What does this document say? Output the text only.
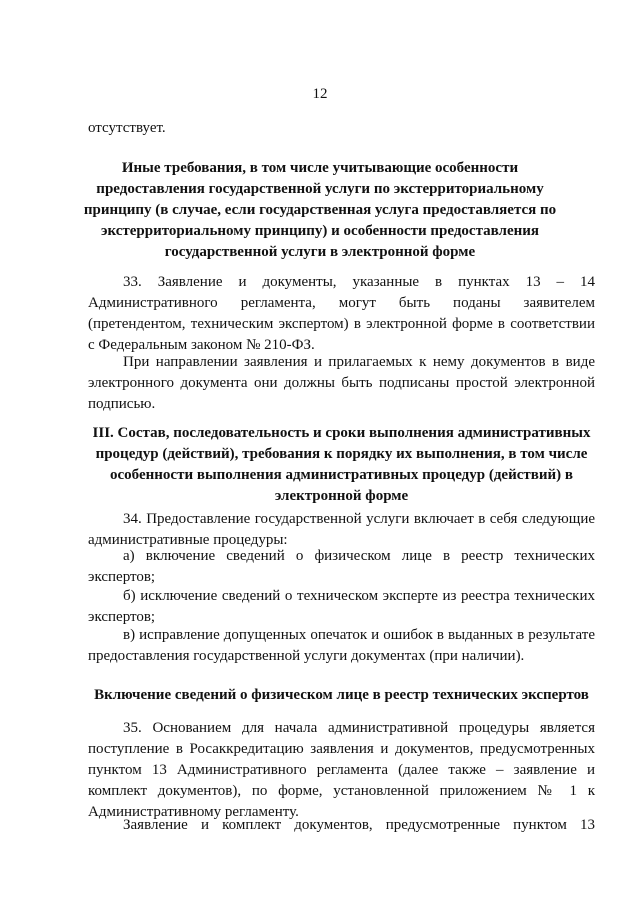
12
отсутствует.
Иные требования, в том числе учитывающие особенности предоставления государственной услуги по экстерриториальному принципу (в случае, если государственная услуга предоставляется по экстерриториальному принципу) и особенности предоставления государственной услуги в электронной форме
33. Заявление и документы, указанные в пунктах 13 – 14 Административного регламента, могут быть поданы заявителем (претендентом, техническим экспертом) в электронной форме в соответствии с Федеральным законом № 210-ФЗ.
При направлении заявления и прилагаемых к нему документов в виде электронного документа они должны быть подписаны простой электронной подписью.
III. Состав, последовательность и сроки выполнения административных процедур (действий), требования к порядку их выполнения, в том числе особенности выполнения административных процедур (действий) в электронной форме
34. Предоставление государственной услуги включает в себя следующие административные процедуры:
а) включение сведений о физическом лице в реестр технических экспертов;
б) исключение сведений о техническом эксперте из реестра технических экспертов;
в) исправление допущенных опечаток и ошибок в выданных в результате предоставления государственной услуги документах (при наличии).
Включение сведений о физическом лице в реестр технических экспертов
35. Основанием для начала административной процедуры является поступление в Росаккредитацию заявления и документов, предусмотренных пунктом 13 Административного регламента (далее также – заявление и комплект документов), по форме, установленной приложением № 1 к Административному регламенту.
Заявление и комплект документов, предусмотренные пунктом 13
